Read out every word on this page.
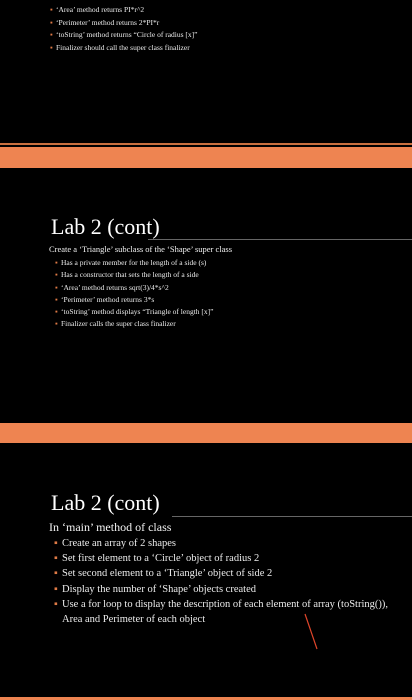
▪ ‘Area’ method returns PI*r^2
▪ ‘Perimeter’ method returns 2*PI*r
▪ ‘toString’ method returns “Circle of radius [x]”
▪ Finalizer should call the super class finalizer
Lab 2 (cont)
Create a ‘Triangle’ subclass of the ‘Shape’ super class
▪ Has a private member for the length of a side (s)
▪ Has a constructor that sets the length of a side
▪ ‘Area’ method returns sqrt(3)/4*s^2
▪ ‘Perimeter’ method returns 3*s
▪ ‘toString’ method displays “Triangle of length [x]”
▪ Finalizer calls the super class finalizer
Lab 2 (cont)
In ‘main’ method of class
▪ Create an array of 2 shapes
▪ Set first element to a ‘Circle’ object of radius 2
▪ Set second element to a ‘Triangle’ object of side 2
▪ Display the number of ‘Shape’ objects created
▪ Use a for loop to display the description of each element of array (toString()),
Area and Perimeter of each object
